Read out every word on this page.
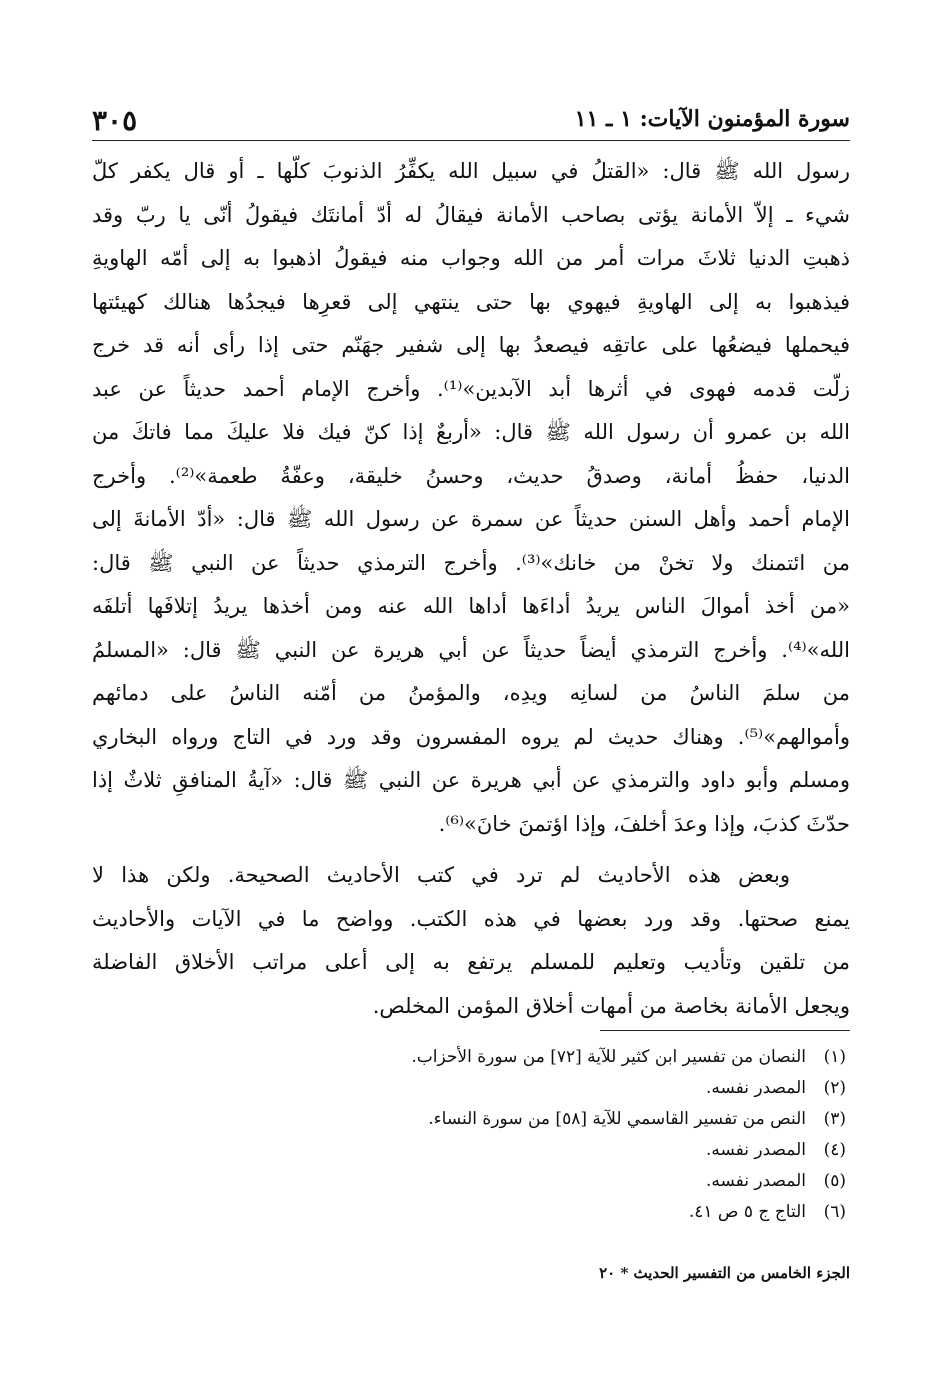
٣٠٥	سورة المؤمنون الآيات: ١ ـ ١١
رسول الله ﷺ قال: «القتلُ في سبيل الله يكفِّرُ الذنوبَ كلّها ـ أو قال يكفر كلّ
شيء ـ إلاّ الأمانة يؤتى بصاحب الأمانة فيقالُ له أدّ أمانتَك فيقولُ أنّى يا ربّ وقد
ذهبتِ الدنيا ثلاثَ مرات أمر من الله وجواب منه فيقولُ اذهبوا به إلى أمّه الهاويةِ
فيذهبوا به إلى الهاويةِ فيهوي بها حتى ينتهي إلى قعرِها فيجدُها هنالك كهيئتها
فيحملها فيضعُها على عاتقِه فيصعدُ بها إلى شفير جهَنّم حتى إذا رأى أنه قد خرج
زلّت قدمه فهوى في أثرها أبد الآبدين»⁽¹⁾. وأخرج الإمام أحمد حديثاً عن عبد
الله بن عمرو أن رسول الله ﷺ قال: «أربعٌ إذا كنّ فيك فلا عليكَ مما فاتكَ من
الدنيا، حفظُ أمانة، وصدقُ حديث، وحسنُ خليقة، وعفّةُ طعمة»⁽²⁾. وأخرج
الإمام أحمد وأهل السنن حديثاً عن سمرة عن رسول الله ﷺ قال: «أدّ الأمانةَ إلى
من ائتمنك ولا تخنْ من خانك»⁽³⁾. وأخرج الترمذي حديثاً عن النبي ﷺ قال:
«من أخذ أموالَ الناس يريدُ أداءَها أداها الله عنه ومن أخذها يريدُ إتلافَها أتلفَه
الله»⁽⁴⁾. وأخرج الترمذي أيضاً حديثاً عن أبي هريرة عن النبي ﷺ قال: «المسلمُ
من سلمَ الناسُ من لسانِه ويدِه، والمؤمنُ من أمّنه الناسُ على دمائهم
وأموالهم»⁽⁵⁾. وهناك حديث لم يروه المفسرون وقد ورد في التاج ورواه البخاري
ومسلم وأبو داود والترمذي عن أبي هريرة عن النبي ﷺ قال: «آيةُ المنافقِ ثلاثٌ إذا
حدّثَ كذبَ، وإذا وعدَ أخلفَ، وإذا اؤتمنَ خانَ»⁽⁶⁾.
وبعض هذه الأحاديث لم ترد في كتب الأحاديث الصحيحة. ولكن هذا لا
يمنع صحتها. وقد ورد بعضها في هذه الكتب. وواضح ما في الآيات والأحاديث
من تلقين وتأديب وتعليم للمسلم يرتفع به إلى أعلى مراتب الأخلاق الفاضلة
ويجعل الأمانة بخاصة من أمهات أخلاق المؤمن المخلص.
(١)النصان من تفسير ابن كثير للآية [٧٢] من سورة الأحزاب.
(٢)المصدر نفسه.
(٣)النص من تفسير القاسمي للآية [٥٨] من سورة النساء.
(٤)المصدر نفسه.
(٥)المصدر نفسه.
(٦)التاج ج ٥ ص ٤١.
الجزء الخامس من التفسير الحديث * ٢٠
